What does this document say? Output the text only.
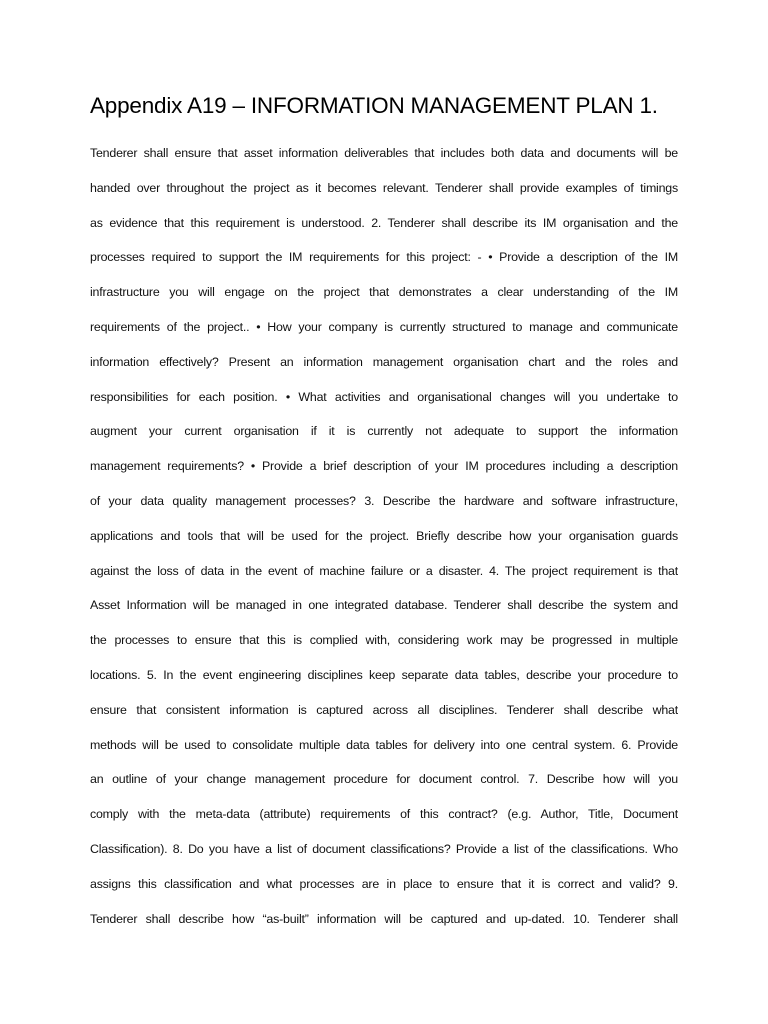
Appendix A19 – INFORMATION MANAGEMENT PLAN 1.
Tenderer shall ensure that asset information deliverables that includes both data and documents will be
handed over throughout the project as it becomes relevant. Tenderer shall provide examples of timings
as evidence that this requirement is understood. 2. Tenderer shall describe its IM organisation and the
processes required to support the IM requirements for this project: - • Provide a description of the IM
infrastructure you will engage on the project that demonstrates a clear understanding of the IM
requirements of the project.. • How your company is currently structured to manage and communicate
information effectively? Present an information management organisation chart and the roles and
responsibilities for each position. • What activities and organisational changes will you undertake to
augment your current organisation if it is currently not adequate to support the information
management requirements? • Provide a brief description of your IM procedures including a description
of your data quality management processes? 3. Describe the hardware and software infrastructure,
applications and tools that will be used for the project. Briefly describe how your organisation guards
against the loss of data in the event of machine failure or a disaster. 4. The project requirement is that
Asset Information will be managed in one integrated database. Tenderer shall describe the system and
the processes to ensure that this is complied with, considering work may be progressed in multiple
locations. 5. In the event engineering disciplines keep separate data tables, describe your procedure to
ensure that consistent information is captured across all disciplines. Tenderer shall describe what
methods will be used to consolidate multiple data tables for delivery into one central system. 6. Provide
an outline of your change management procedure for document control. 7. Describe how will you
comply with the meta-data (attribute) requirements of this contract? (e.g. Author, Title, Document
Classification). 8. Do you have a list of document classifications? Provide a list of the classifications. Who
assigns this classification and what processes are in place to ensure that it is correct and valid? 9.
Tenderer shall describe how “as-built” information will be captured and up-dated. 10. Tenderer shall
